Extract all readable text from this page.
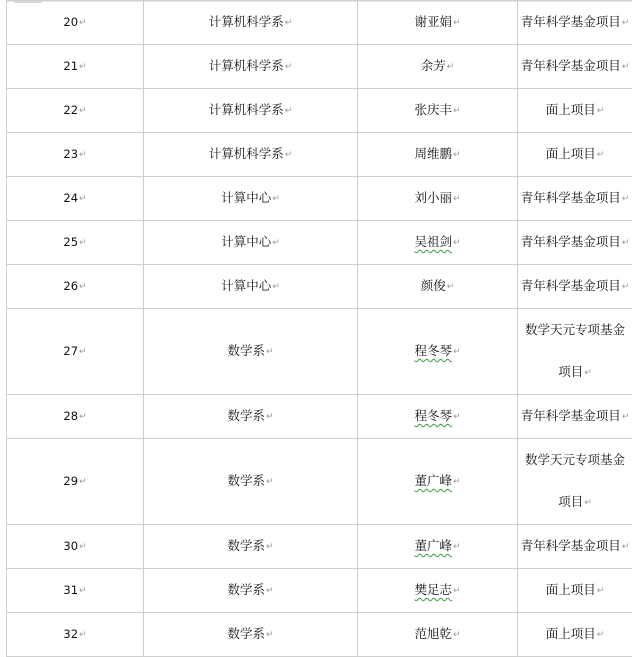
20↵	计算机科学系↵	谢亚娟↵	青年科学基金项目↵
21↵	计算机科学系↵	余芳↵	青年科学基金项目↵
22↵	计算机科学系↵	张庆丰↵	面上项目↵
23↵	计算机科学系↵	周维鹏↵	面上项目↵
24↵	计算中心↵	刘小丽↵	青年科学基金项目↵
25↵	计算中心↵	吴祖剑↵	青年科学基金项目↵
26↵	计算中心↵	颜俊↵	青年科学基金项目↵
27↵	数学系↵	程冬琴↵	数学天元专项基金
项目↵

28↵	数学系↵	程冬琴↵	青年科学基金项目↵
29↵	数学系↵	董广峰↵	数学天元专项基金
项目↵

30↵	数学系↵	董广峰↵	青年科学基金项目↵
31↵	数学系↵	樊足志↵	面上项目↵
32↵	数学系↵	范旭乾↵	面上项目↵
